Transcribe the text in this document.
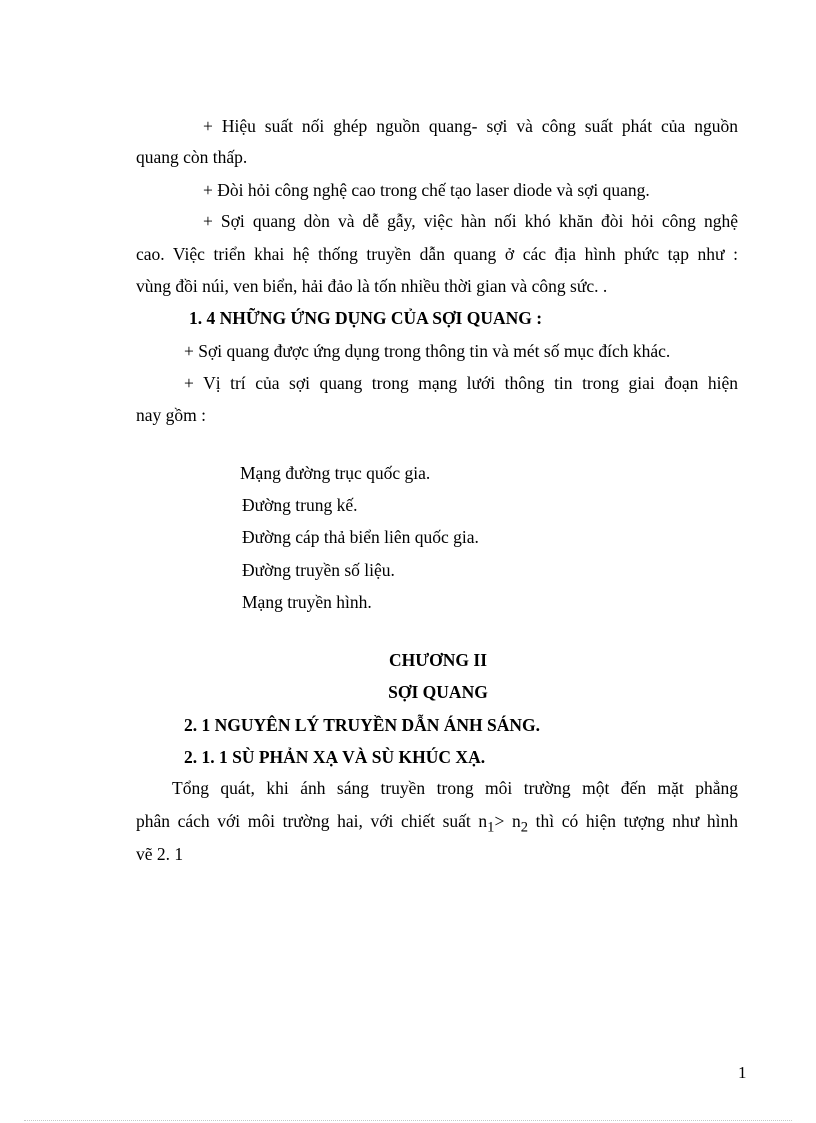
+ Hiệu suất nối ghép nguồn quang- sợi và công suất phát của nguồn
quang còn thấp.
+ Đòi hỏi công nghệ cao trong chế tạo laser diode và sợi quang.
+ Sợi quang dòn và dễ gẫy, việc hàn nối khó khăn đòi hỏi công nghệ
cao. Việc triển khai hệ thống truyền dẫn quang ở các địa hình phức tạp như :
vùng đồi núi, ven biển, hải đảo là tốn nhiều thời gian và công sức. .
1. 4 NHỮNG ỨNG DỤNG CỦA SỢI QUANG :
+ Sợi quang được ứng dụng trong thông tin và mét số mục đích khác.
+ Vị trí của sợi quang trong mạng lưới thông tin trong giai đoạn hiện
nay gồm :
Mạng đường trục quốc gia.
Đường trung kế.
Đường cáp thả biển liên quốc gia.
Đường truyền số liệu.
Mạng truyền hình.
CHƯƠNG II
SỢI QUANG
2. 1 NGUYÊN LÝ TRUYỀN DẪN ÁNH SÁNG.
2. 1. 1 SÙ PHẢN XẠ VÀ SÙ KHÚC XẠ.
Tổng quát, khi ánh sáng truyền trong môi trường một đến mặt phẳng
phân cách với môi trường hai, với chiết suất $n_1> n_2$ thì có hiện tượng như hình
vẽ 2. 1
1
